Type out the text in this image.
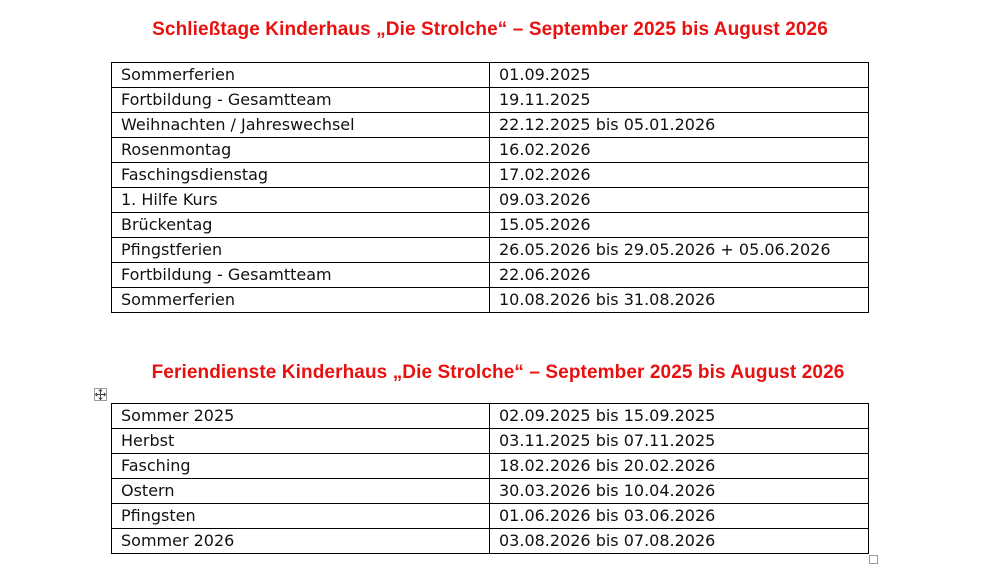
Schließtage Kinderhaus „Die Strolche“ – September 2025 bis August 2026
Sommerferien	01.09.2025
Fortbildung - Gesamtteam	19.11.2025
Weihnachten / Jahreswechsel	22.12.2025 bis 05.01.2026
Rosenmontag	16.02.2026
Faschingsdienstag	17.02.2026
1. Hilfe Kurs	09.03.2026
Brückentag	15.05.2026
Pfingstferien	26.05.2026 bis 29.05.2026 + 05.06.2026
Fortbildung - Gesamtteam	22.06.2026
Sommerferien	10.08.2026 bis 31.08.2026
Feriendienste Kinderhaus „Die Strolche“ – September 2025 bis August 2026
Sommer 2025	02.09.2025 bis 15.09.2025
Herbst	03.11.2025 bis 07.11.2025
Fasching	18.02.2026 bis 20.02.2026
Ostern	30.03.2026 bis 10.04.2026
Pfingsten	01.06.2026 bis 03.06.2026
Sommer 2026	03.08.2026 bis 07.08.2026
